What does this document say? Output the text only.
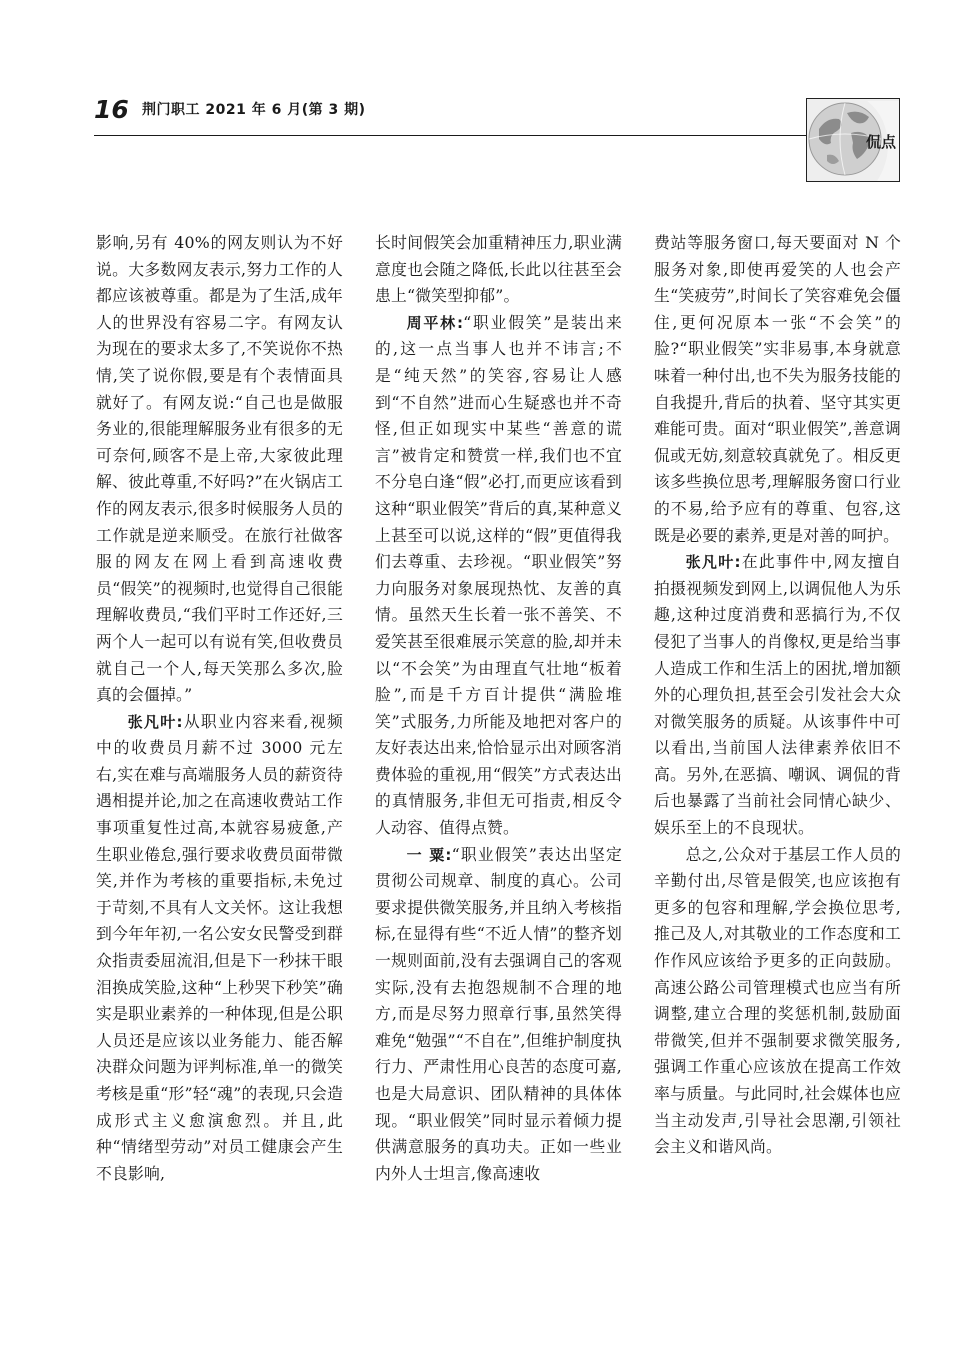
16 荆门职工 2021 年 6 月(第 3 期)
侃点

影响,另有 40%的网友则认为不好说。大多数网友表示,努力工作的人都应该被尊重。都是为了生活,成年人的世界没有容易二字。有网友认为现在的要求太多了,不笑说你不热情,笑了说你假,要是有个表情面具就好了。有网友说:“自己也是做服务业的,很能理解服务业有很多的无可奈何,顾客不是上帝,大家彼此理解、彼此尊重,不好吗?”在火锅店工作的网友表示,很多时候服务人员的工作就是逆来顺受。在旅行社做客服的网友在网上看到高速收费员“假笑”的视频时,也觉得自己很能理解收费员,“我们平时工作还好,三两个人一起可以有说有笑,但收费员就自己一个人,每天笑那么多次,脸真的会僵掉。”

张凡叶:从职业内容来看,视频中的收费员月薪不过 3000 元左右,实在难与高端服务人员的薪资待遇相提并论,加之在高速收费站工作事项重复性过高,本就容易疲惫,产生职业倦怠,强行要求收费员面带微笑,并作为考核的重要指标,未免过于苛刻,不具有人文关怀。这让我想到今年年初,一名公安女民警受到群众指责委屈流泪,但是下一秒抹干眼泪换成笑脸,这种“上秒哭下秒笑”确实是职业素养的一种体现,但是公职人员还是应该以业务能力、能否解决群众问题为评判标准,单一的微笑考核是重“形”轻“魂”的表现,只会造成形式主义愈演愈烈。并且,此种“情绪型劳动”对员工健康会产生不良影响,

长时间假笑会加重精神压力,职业满意度也会随之降低,长此以往甚至会患上“微笑型抑郁”。

周平林:“职业假笑”是装出来的,这一点当事人也并不讳言;不是“纯天然”的笑容,容易让人感到“不自然”进而心生疑惑也并不奇怪,但正如现实中某些“善意的谎言”被肯定和赞赏一样,我们也不宜不分皂白逢“假”必打,而更应该看到这种“职业假笑”背后的真,某种意义上甚至可以说,这样的“假”更值得我们去尊重、去珍视。“职业假笑”努力向服务对象展现热忱、友善的真情。虽然天生长着一张不善笑、不爱笑甚至很难展示笑意的脸,却并未以“不会笑”为由理直气壮地“板着脸”,而是千方百计提供“满脸堆笑”式服务,力所能及地把对客户的友好表达出来,恰恰显示出对顾客消费体验的重视,用“假笑”方式表达出的真情服务,非但无可指责,相反令人动容、值得点赞。

一 粟:“职业假笑”表达出坚定贯彻公司规章、制度的真心。公司要求提供微笑服务,并且纳入考核指标,在显得有些“不近人情”的整齐划一规则面前,没有去强调自己的客观实际,没有去抱怨规制不合理的地方,而是尽努力照章行事,虽然笑得难免“勉强”“不自在”,但维护制度执行力、严肃性用心良苦的态度可嘉,也是大局意识、团队精神的具体体现。“职业假笑”同时显示着倾力提供满意服务的真功夫。正如一些业内外人士坦言,像高速收

费站等服务窗口,每天要面对 N 个服务对象,即使再爱笑的人也会产生“笑疲劳”,时间长了笑容难免会僵住,更何况原本一张“不会笑”的脸?“职业假笑”实非易事,本身就意味着一种付出,也不失为服务技能的自我提升,背后的执着、坚守其实更难能可贵。面对“职业假笑”,善意调侃或无妨,刻意较真就免了。相反更该多些换位思考,理解服务窗口行业的不易,给予应有的尊重、包容,这既是必要的素养,更是对善的呵护。

张凡叶:在此事件中,网友擅自拍摄视频发到网上,以调侃他人为乐趣,这种过度消费和恶搞行为,不仅侵犯了当事人的肖像权,更是给当事人造成工作和生活上的困扰,增加额外的心理负担,甚至会引发社会大众对微笑服务的质疑。从该事件中可以看出,当前国人法律素养依旧不高。另外,在恶搞、嘲讽、调侃的背后也暴露了当前社会同情心缺少、娱乐至上的不良现状。

总之,公众对于基层工作人员的辛勤付出,尽管是假笑,也应该抱有更多的包容和理解,学会换位思考,推己及人,对其敬业的工作态度和工作作风应该给予更多的正向鼓励。高速公路公司管理模式也应当有所调整,建立合理的奖惩机制,鼓励面带微笑,但并不强制要求微笑服务,强调工作重心应该放在提高工作效率与质量。与此同时,社会媒体也应当主动发声,引导社会思潮,引领社会主义和谐风尚。
